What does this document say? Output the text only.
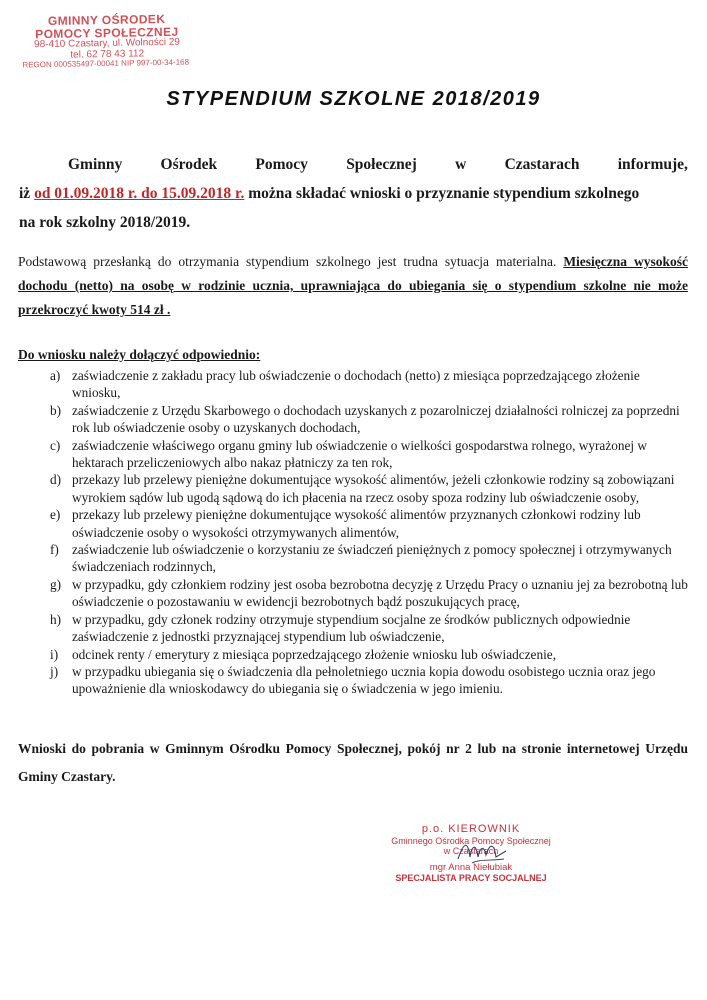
GMINNY OŚRODEK
POMOCY SPOŁECZNEJ
98-410 Czastary, ul. Wolności 29
tel. 62 78 43 112
REGON 000535497-00041 NIP 997-00-34-168
STYPENDIUM SZKOLNE 2018/2019
Gminny Ośrodek Pomocy Społecznej w Czastarach informuje,
iż od 01.09.2018 r. do 15.09.2018 r. można składać wnioski o przyznanie stypendium szkolnego
na rok szkolny 2018/2019.
Podstawową przesłanką do otrzymania stypendium szkolnego jest trudna sytuacja materialna. Miesięczna wysokość dochodu (netto) na osobę w rodzinie ucznia, uprawniająca do ubiegania się o stypendium szkolne nie może przekroczyć kwoty 514 zł .
Do wniosku należy dołączyć odpowiednio:
a) zaświadczenie z zakładu pracy lub oświadczenie o dochodach (netto) z miesiąca poprzedzającego złożenie wniosku,
b) zaświadczenie z Urzędu Skarbowego o dochodach uzyskanych z pozarolniczej działalności rolniczej za poprzedni rok lub oświadczenie osoby o uzyskanych dochodach,
c) zaświadczenie właściwego organu gminy lub oświadczenie o wielkości gospodarstwa rolnego, wyrażonej w hektarach przeliczeniowych albo nakaz płatniczy za ten rok,
d) przekazy lub przelewy pieniężne dokumentujące wysokość alimentów, jeżeli członkowie rodziny są zobowiązani wyrokiem sądów lub ugodą sądową do ich płacenia na rzecz osoby spoza rodziny lub oświadczenie osoby,
e) przekazy lub przelewy pieniężne dokumentujące wysokość alimentów przyznanych członkowi rodziny lub oświadczenie osoby o wysokości otrzymywanych alimentów,
f) zaświadczenie lub oświadczenie o korzystaniu ze świadczeń pieniężnych z pomocy społecznej i otrzymywanych świadczeniach rodzinnych,
g) w przypadku, gdy członkiem rodziny jest osoba bezrobotna decyzję z Urzędu Pracy o uznaniu jej za bezrobotną lub oświadczenie o pozostawaniu w ewidencji bezrobotnych bądź poszukujących pracę,
h) w przypadku, gdy członek rodziny otrzymuje stypendium socjalne ze środków publicznych odpowiednie zaświadczenie z jednostki przyznającej stypendium lub oświadczenie,
i)	odcinek renty / emerytury z miesiąca poprzedzającego złożenie wniosku lub oświadczenie,
j)	w przypadku ubiegania się o świadczenia dla pełnoletniego ucznia kopia dowodu osobistego ucznia oraz jego upoważnienie dla wnioskodawcy do ubiegania się o świadczenia w jego imieniu.
Wnioski do pobrania w Gminnym Ośrodku Pomocy Społecznej, pokój nr 2 lub na stronie internetowej Urzędu Gminy Czastary.
p.o. KIEROWNIK
Gminnego Ośrodka Pomocy Społecznej
w Czastarach
mgr Anna Niełubiak
SPECJALISTA PRACY SOCJALNEJ
